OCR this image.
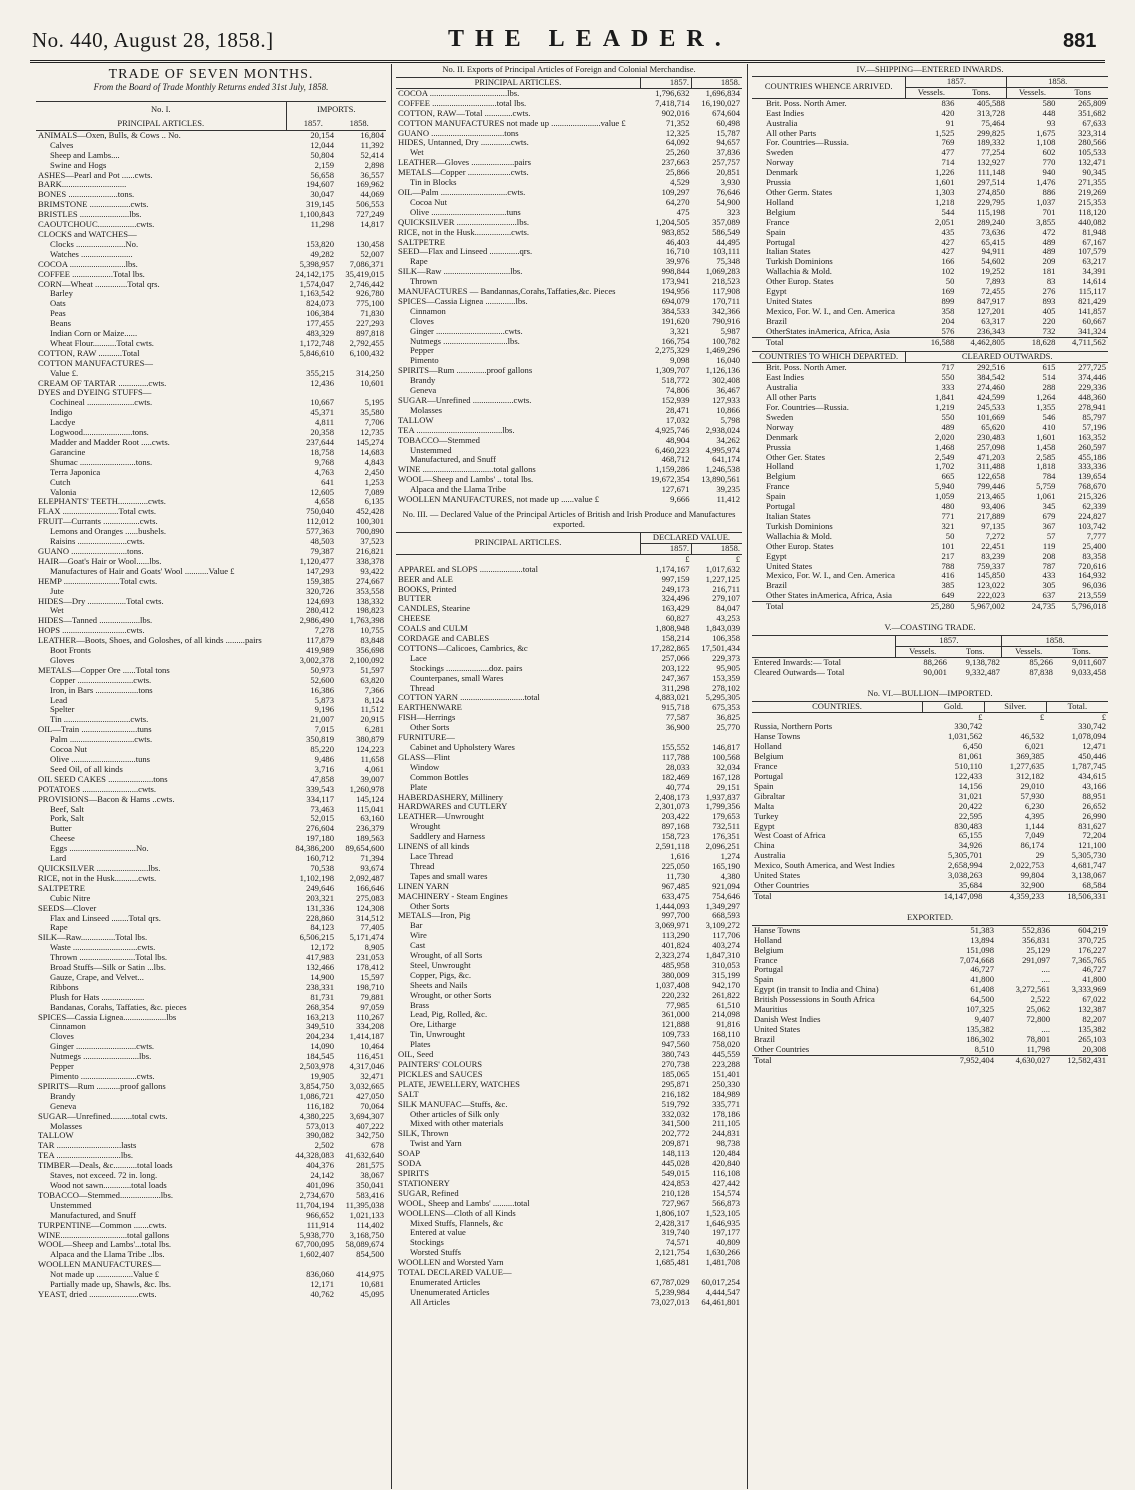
No. 440, August 28, 1858.]	THE LEADER.	881
TRADE OF SEVEN MONTHS.
From the Board of Trade Monthly Returns ended 31st July, 1858.
No. I.
PRINCIPAL ARTICLES.	IMPORTS.
1857. 1858.	
ANIMALS—Oxen, Bulls, & Cows .. No.	20,154	16,804
Calves	12,044	11,392
Sheep and Lambs....	50,804	52,414
Swine and Hogs	2,159	2,898
ASHES—Pearl and Pot ......cwts.	56,658	36,557
BARK..............................	194,607	169,962
BONES .......................tons.	30,047	44,069
BRIMSTONE ...................cwts.	319,145	506,553
BRISTLES .......................lbs.	1,100,843	727,249
CAOUTCHOUC..................cwts.	11,298	14,817
CLOCKS and WATCHES—		
Clocks .......................No.	153,820	130,458
Watches ........................	49,282	52,007
COCOA ..........................lbs.	5,398,957	7,086,371
COFFEE ...................Total lbs.	24,142,175	35,419,015
CORN—Wheat ...............Total qrs.	1,574,047	2,746,442
Barley	1,163,542	926,780
Oats	824,073	775,100
Peas	106,384	71,830
Beans	177,455	227,293
Indian Corn or Maize......	483,329	897,818
Wheat Flour...........Total cwts.	1,172,748	2,792,455
COTTON, RAW ...........Total	5,846,610	6,100,432
COTTON MANUFACTURES—		
Value £.	355,215	314,250
CREAM OF TARTAR ..............cwts.	12,436	10,601
DYES and DYEING STUFFS—		
Cochineal ......................cwts.	10,667	5,195
Indigo	45,371	35,580
Lacdye	4,811	7,706
Logwood.......................tons.	20,358	12,735
Madder and Madder Root .....cwts.	237,644	145,274
Garancine	18,758	14,683
Shumac ..........................tons.	9,768	4,843
Terra Japonica	4,763	2,450
Cutch	641	1,253
Valonia	12,605	7,089
ELEPHANTS' TEETH..............cwts.	4,658	6,135
FLAX ..........................Total cwts.	750,040	452,428
FRUIT—Currants .................cwts.	112,012	100,301
Lemons and Oranges ......bushels.	577,363	700,890
Raisins .......................cwts.	48,503	37,523
GUANO ..........................tons.	79,387	216,821
HAIR—Goat's Hair or Wool......lbs.	1,120,477	338,378
Manufactures of Hair and Goats' Wool ...........Value £	147,293	93,422
HEMP ..........................Total cwts.	159,385	274,667
Jute	320,726	353,558
HIDES—Dry ..................Total cwts.	124,693	138,332
Wet	280,412	198,823
HIDES—Tanned ...................lbs.	2,986,490	1,763,398
HOPS ..............................cwts.	7,278	10,755
LEATHER—Boots, Shoes, and Goloshes, of all kinds .........pairs	117,879	83,848
Boot Fronts	419,989	356,698
Gloves	3,002,378	2,100,092
METALS—Copper Ore ......Total tons	50,973	51,597
Copper ..........................cwts.	52,600	63,820
Iron, in Bars ....................tons	16,386	7,366
Lead	5,873	8,124
Spelter	9,196	11,512
Tin ...............................cwts.	21,007	20,915
OIL—Train ..........................tuns	7,015	6,281
Palm ..............................cwts.	350,819	380,879
Cocoa Nut	85,220	124,223
Olive ..............................tuns	9,486	11,658
Seed Oil, of all kinds	3,716	4,061
OIL SEED CAKES .....................tons	47,858	39,007
POTATOES ..........................cwts.	339,543	1,260,978
PROVISIONS—Bacon & Hams ..cwts.	334,117	145,124
Beef, Salt	73,463	115,041
Pork, Salt	52,015	63,160
Butter	276,604	236,379
Cheese	197,180	189,563
Eggs ...............................No.	84,386,200	89,654,600
Lard	160,712	71,394
QUICKSILVER ........................lbs.	70,538	93,674
RICE, not in the Husk...........cwts.	1,102,198	2,092,487
SALTPETRE	249,646	166,646
Cubic Nitre	203,321	275,083
SEEDS—Clover	131,336	124,308
Flax and Linseed ........Total qrs.	228,860	314,512
Rape	84,123	77,405
SILK—Raw................Total lbs.	6,506,215	5,171,474
Waste ..............................cwts.	12,172	8,905
Thrown ..........................Total lbs.	417,983	231,053
Broad Stuffs—Silk or Satin ...lbs.	132,466	178,412
Gauze, Crape, and Velvet...	14,900	15,597
Ribbons	238,331	198,710
Plush for Hats ....................	81,731	79,881
Bandanas, Corahs, Taffaties, &c. pieces	268,354	97,059
SPICES—Cassia Lignea....................lbs	163,213	110,267
Cinnamon	349,510	334,208
Cloves	204,234	1,414,187
Ginger ............................cwts.	14,090	10,464
Nutmegs ..........................lbs.	184,545	116,451
Pepper	2,503,978	4,317,046
Pimento ..........................cwts.	19,905	32,471
SPIRITS—Rum ...........proof gallons	3,854,750	3,032,665
Brandy	1,086,721	427,050
Geneva	116,182	70,064
SUGAR—Unrefined..........total cwts.	4,380,225	3,694,307
Molasses	573,013	407,222
TALLOW	390,082	342,750
TAR ..............................lasts	2,502	678
TEA ..............................lbs.	44,328,083	41,632,640
TIMBER—Deals, &c...........total loads	404,376	281,575
Staves, not exceed. 72 in. long.	24,142	38,067
Wood not sawn.............total loads	401,096	350,041
TOBACCO—Stemmed...................lbs.	2,734,670	583,416
Unstemmed	11,704,194	11,395,038
Manufactured, and Snuff	966,652	1,021,133
TURPENTINE—Common .......cwts.	111,914	114,402
WINE...............................total gallons	5,938,770	3,168,750
WOOL—Sheep and Lambs'...total lbs.	67,700,095	58,089,674
Alpaca and the Llama Tribe ..lbs.	1,602,407	854,500
WOOLLEN MANUFACTURES—		
Not made up .................Value £	836,060	414,975
Partially made up, Shawls, &c. lbs.	12,171	10,681
YEAST, dried .......................cwts.	40,762	45,095
No. II. Exports of Principal Articles of Foreign and Colonial Merchandise.
PRINCIPAL ARTICLES.	1857.	1858.
COCOA ....................................lbs.	1,796,632	1,696,834
COFFEE ..............................total lbs.	7,418,714	16,190,027
COTTON, RAW—Total .............cwts.	902,016	674,604
COTTON MANUFACTURES not made up .......................value £	71,352	60,498
GUANO ..................................tons	12,325	15,787
HIDES, Untanned, Dry ..............cwts.	64,092	94,657
Wet	25,260	37,836
LEATHER—Gloves ....................pairs	237,663	257,757
METALS—Copper ....................cwts.	25,866	20,851
Tin in Blocks	4,529	3,930
OIL—Palm ...............................cwts.	109,297	76,646
Cocoa Nut	64,270	54,900
Olive ...................................tuns	475	323
QUICKSILVER ............................lbs.	1,204,505	357,089
RICE, not in the Husk.................cwts.	983,852	586,549
SALTPETRE	46,403	44,495
SEED—Flax and Linseed ..............qrs.	16,710	103,111
Rape	39,976	75,348
SILK—Raw ...............................lbs.	998,844	1,069,283
Thrown	173,941	218,523
MANUFACTURES — Bandannas,Corahs,Taffaties,&c. Pieces	194,956	117,908
SPICES—Cassia Lignea ..............lbs.	694,079	170,711
Cinnamon	384,533	342,366
Cloves	191,620	790,916
Ginger ................................cwts.	3,321	5,987
Nutmegs ..............................lbs.	166,754	100,782
Pepper	2,275,329	1,469,296
Pimento	9,098	16,040
SPIRITS—Rum ..............proof gallons	1,309,707	1,126,136
Brandy	518,772	302,408
Geneva	74,806	36,467
SUGAR—Unrefined ...................cwts.	152,939	127,933
Molasses	28,471	10,866
TALLOW	17,032	5,798
TEA ........................................lbs.	4,925,746	2,938,024
TOBACCO—Stemmed	48,904	34,262
Unstemmed	6,460,223	4,995,974
Manufactured, and Snuff	468,712	641,174
WINE .................................total gallons	1,159,286	1,246,538
WOOL—Sheep and Lambs' .. total lbs.	19,672,354	13,890,561
Alpaca and the Llama Tribe	127,671	39,235
WOOLLEN MANUFACTURES, not made up ......value £	9,666	11,412
No. III. — Declared Value of the Principal Articles of British and Irish Produce and Manufactures exported.
PRINCIPAL ARTICLES.	DECLARED VALUE.	
	1857.	1858.
	£	£
APPAREL and SLOPS ....................total	1,174,167	1,017,632
BEER and ALE	997,159	1,227,125
BOOKS, Printed	249,173	216,711
BUTTER	324,496	279,107
CANDLES, Stearine	163,429	84,047
CHEESE	60,827	43,253
COALS and CULM	1,808,948	1,843,039
CORDAGE and CABLES	158,214	106,358
COTTONS—Calicoes, Cambrics, &c	17,282,865	17,501,434
Lace	257,066	229,373
Stockings ....................doz. pairs	203,122	95,905
Counterpanes, small Wares	247,367	153,359
Thread	311,298	278,102
COTTON YARN ..............................total	4,883,021	5,295,305
EARTHENWARE	915,718	675,353
FISH—Herrings	77,587	36,825
Other Sorts	36,900	25,770
FURNITURE—		
Cabinet and Upholstery Wares	155,552	146,817
GLASS—Flint	117,788	100,568
Window	28,033	32,034
Common Bottles	182,469	167,128
Plate	40,774	29,151
HABERDASHERY, Millinery	2,408,173	1,937,837
HARDWARES and CUTLERY	2,301,073	1,799,356
LEATHER—Unwrought	203,422	179,653
Wrought	897,168	732,511
Saddlery and Harness	158,723	176,351
LINENS of all kinds	2,591,118	2,096,251
Lace Thread	1,616	1,274
Thread	225,050	165,190
Tapes and small wares	11,730	4,380
LINEN YARN	967,485	921,094
MACHINERY - Steam Engines	633,475	754,646
Other Sorts	1,444,093	1,349,297
METALS—Iron, Pig	997,700	668,593
Bar	3,069,971	3,109,272
Wire	113,290	117,706
Cast	401,824	403,274
Wrought, of all Sorts	2,323,274	1,847,310
Steel, Unwrought	485,958	310,053
Copper, Pigs, &c.	380,009	315,199
Sheets and Nails	1,037,408	942,170
Wrought, or other Sorts	220,232	261,822
Brass	77,985	61,510
Lead, Pig, Rolled, &c.	361,000	214,098
Ore, Litharge	121,888	91,816
Tin, Unwrought	109,733	168,110
Plates	947,560	758,020
OIL, Seed	380,743	445,559
PAINTERS' COLOURS	270,738	223,288
PICKLES and SAUCES	185,065	151,401
PLATE, JEWELLERY, WATCHES	295,871	250,330
SALT	216,182	184,989
SILK MANUFAC—Stuffs, &c.	519,792	335,771
Other articles of Silk only	332,032	178,186
Mixed with other materials	341,500	211,105
SILK, Thrown	202,772	244,831
Twist and Yarn	209,871	98,738
SOAP	148,113	120,484
SODA	445,028	420,840
SPIRITS	549,015	116,108
STATIONERY	424,853	427,442
SUGAR, Refined	210,128	154,574
WOOL, Sheep and Lambs' ..........total	727,967	566,873
WOOLLENS—Cloth of all Kinds	1,806,107	1,523,105
Mixed Stuffs, Flannels, &c	2,428,317	1,646,935
Entered at value	319,740	197,177
Stockings	74,571	40,809
Worsted Stuffs	2,121,754	1,630,266
WOOLLEN and Worsted Yarn	1,685,481	1,481,708
TOTAL DECLARED VALUE—		
Enumerated Articles	67,787,029	60,017,254
Unenumerated Articles	5,239,984	4,444,547
All Articles	73,027,013	64,461,801
IV.—SHIPPING—ENTERED INWARDS.
COUNTRIES WHENCE ARRIVED.	1857.		1858.	
	Vessels.	Tons.	Vessels.	Tons
Brit. Poss. North Amer.	836	405,588	580	265,809
East Indies	420	313,728	448	351,682
Australia	91	75,464	93	67,633
All other Parts	1,525	299,825	1,675	323,314
For. Countries—Russia.	769	189,332	1,108	280,566
Sweden	477	77,254	602	105,533
Norway	714	132,927	770	132,471
Denmark	1,226	111,148	940	90,345
Prussia	1,601	297,514	1,476	271,355
Other Germ. States	1,303	274,850	886	219,269
Holland	1,218	229,795	1,037	215,353
Belgium	544	115,198	701	118,120
France	2,051	289,240	3,855	440,082
Spain	435	73,636	472	81,948
Portugal	427	65,415	489	67,167
Italian States	427	94,911	489	107,579
Turkish Dominions	166	54,602	209	63,217
Wallachia & Mold.	102	19,252	181	34,391
Other Europ. States	50	7,893	83	14,614
Egypt	169	72,455	276	115,117
United States	899	847,917	893	821,429
Mexico, For. W. I., and Cen. America	358	127,201	405	141,857
Brazil	204	63,317	220	60,667
OtherStates inAmerica, Africa, Asia	576	236,343	732	341,324
Total	16,588	4,462,805	18,628	4,711,562
COUNTRIES TO WHICH DEPARTED.	CLEARED OUTWARDS.			
Brit. Poss. North Amer.	717	292,516	615	277,725
East Indies	550	384,542	514	374,446
Australia	333	274,460	288	229,336
All other Parts	1,841	424,599	1,264	448,360
For. Countries—Russia.	1,219	245,533	1,355	278,941
Sweden	550	101,669	546	85,797
Norway	489	65,620	410	57,196
Denmark	2,020	230,483	1,601	163,352
Prussia	1,468	257,098	1,458	260,597
Other Ger. States	2,549	471,203	2,585	455,186
Holland	1,702	311,488	1,818	333,336
Belgium	665	122,658	784	139,654
France	5,940	799,446	5,759	768,670
Spain	1,059	213,465	1,061	215,326
Portugal	480	93,406	345	62,339
Italian States	771	217,889	679	224,827
Turkish Dominions	321	97,135	367	103,742
Wallachia & Mold.	50	7,272	57	7,777
Other Europ. States	101	22,451	119	25,400
Egypt	217	83,239	208	83,358
United States	788	759,337	787	720,616
Mexico, For. W. I., and Cen. America	416	145,850	433	164,932
Brazil	385	123,022	305	96,036
Other States inAmerica, Africa, Asia	649	222,023	637	213,559
Total	25,280	5,967,002	24,735	5,796,018
V.—COASTING TRADE.
	1857.		1858.	
	Vessels.	Tons.	Vessels.	Tons.
Entered Inwards:— Total	88,266	9,138,782	85,266	9,011,607
Cleared Outwards— Total	90,001	9,332,487	87,838	9,033,458
No. VI.—BULLION—IMPORTED.
COUNTRIES.	Gold.	Silver.	Total.
	£	£	£
Russia, Northern Ports	330,742		330,742
Hanse Towns	1,031,562	46,532	1,078,094
Holland	6,450	6,021	12,471
Belgium	81,061	369,385	450,446
France	510,110	1,277,635	1,787,745
Portugal	122,433	312,182	434,615
Spain	14,156	29,010	43,166
Gibraltar	31,021	57,930	88,951
Malta	20,422	6,230	26,652
Turkey	22,595	4,395	26,990
Egypt	830,483	1,144	831,627
West Coast of Africa	65,155	7,049	72,204
China	34,926	86,174	121,100
Australia	5,305,701	29	5,305,730
Mexico, South America, and West Indies	2,658,994	2,022,753	4,681,747
United States	3,038,263	99,804	3,138,067
Other Countries	35,684	32,900	68,584
Total	14,147,098	4,359,233	18,506,331
EXPORTED.
Hanse Towns	51,383	552,836	604,219
Holland	13,894	356,831	370,725
Belgium	151,098	25,129	176,227
France	7,074,668	291,097	7,365,765
Portugal	46,727	....	46,727
Spain	41,800	....	41,800
Egypt (in transit to India and China)	61,408	3,272,561	3,333,969
British Possessions in South Africa	64,500	2,522	67,022
Mauritius	107,325	25,062	132,387
Danish West Indies	9,407	72,800	82,207
United States	135,382	....	135,382
Brazil	186,302	78,801	265,103
Other Countries	8,510	11,798	20,308
Total	7,952,404	4,630,027	12,582,431
